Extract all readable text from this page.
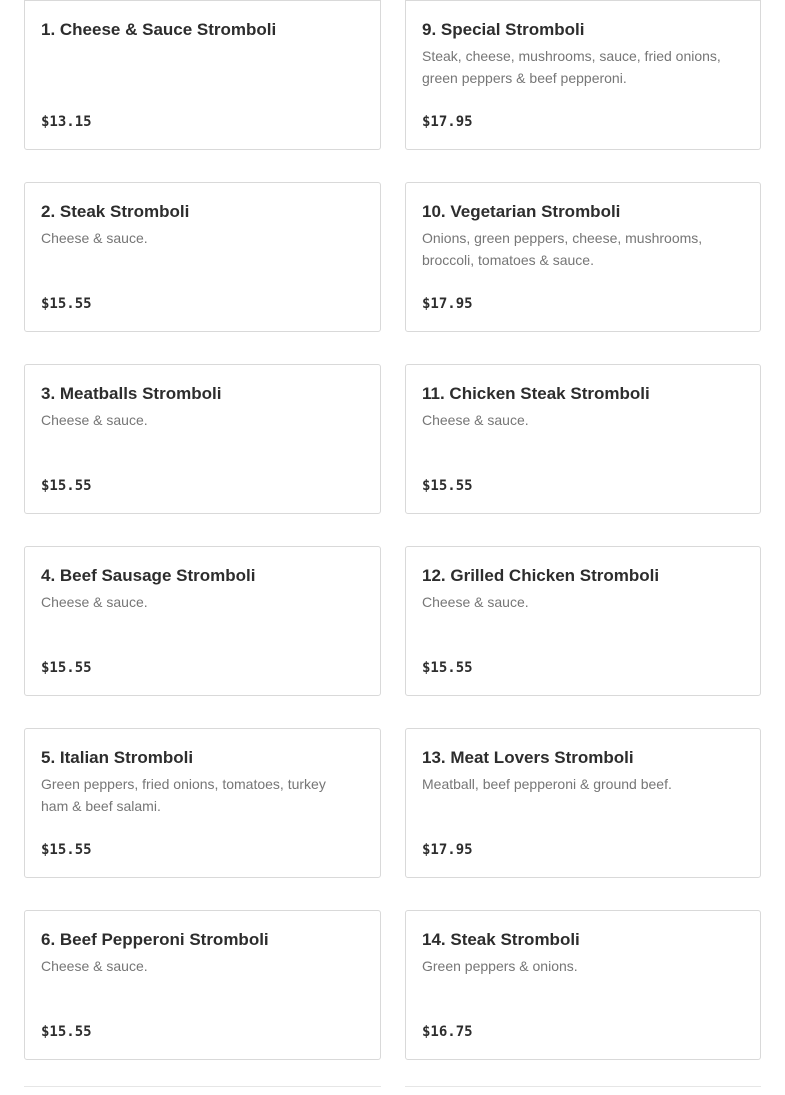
1. Cheese & Sauce Stromboli
$13.15
9. Special Stromboli
Steak, cheese, mushrooms, sauce, fried onions, green peppers & beef pepperoni.
$17.95
2. Steak Stromboli
Cheese & sauce.
$15.55
10. Vegetarian Stromboli
Onions, green peppers, cheese, mushrooms, broccoli, tomatoes & sauce.
$17.95
3. Meatballs Stromboli
Cheese & sauce.
$15.55
11. Chicken Steak Stromboli
Cheese & sauce.
$15.55
4. Beef Sausage Stromboli
Cheese & sauce.
$15.55
12. Grilled Chicken Stromboli
Cheese & sauce.
$15.55
5. Italian Stromboli
Green peppers, fried onions, tomatoes, turkey ham & beef salami.
$15.55
13. Meat Lovers Stromboli
Meatball, beef pepperoni & ground beef.
$17.95
6. Beef Pepperoni Stromboli
Cheese & sauce.
$15.55
14. Steak Stromboli
Green peppers & onions.
$16.75
